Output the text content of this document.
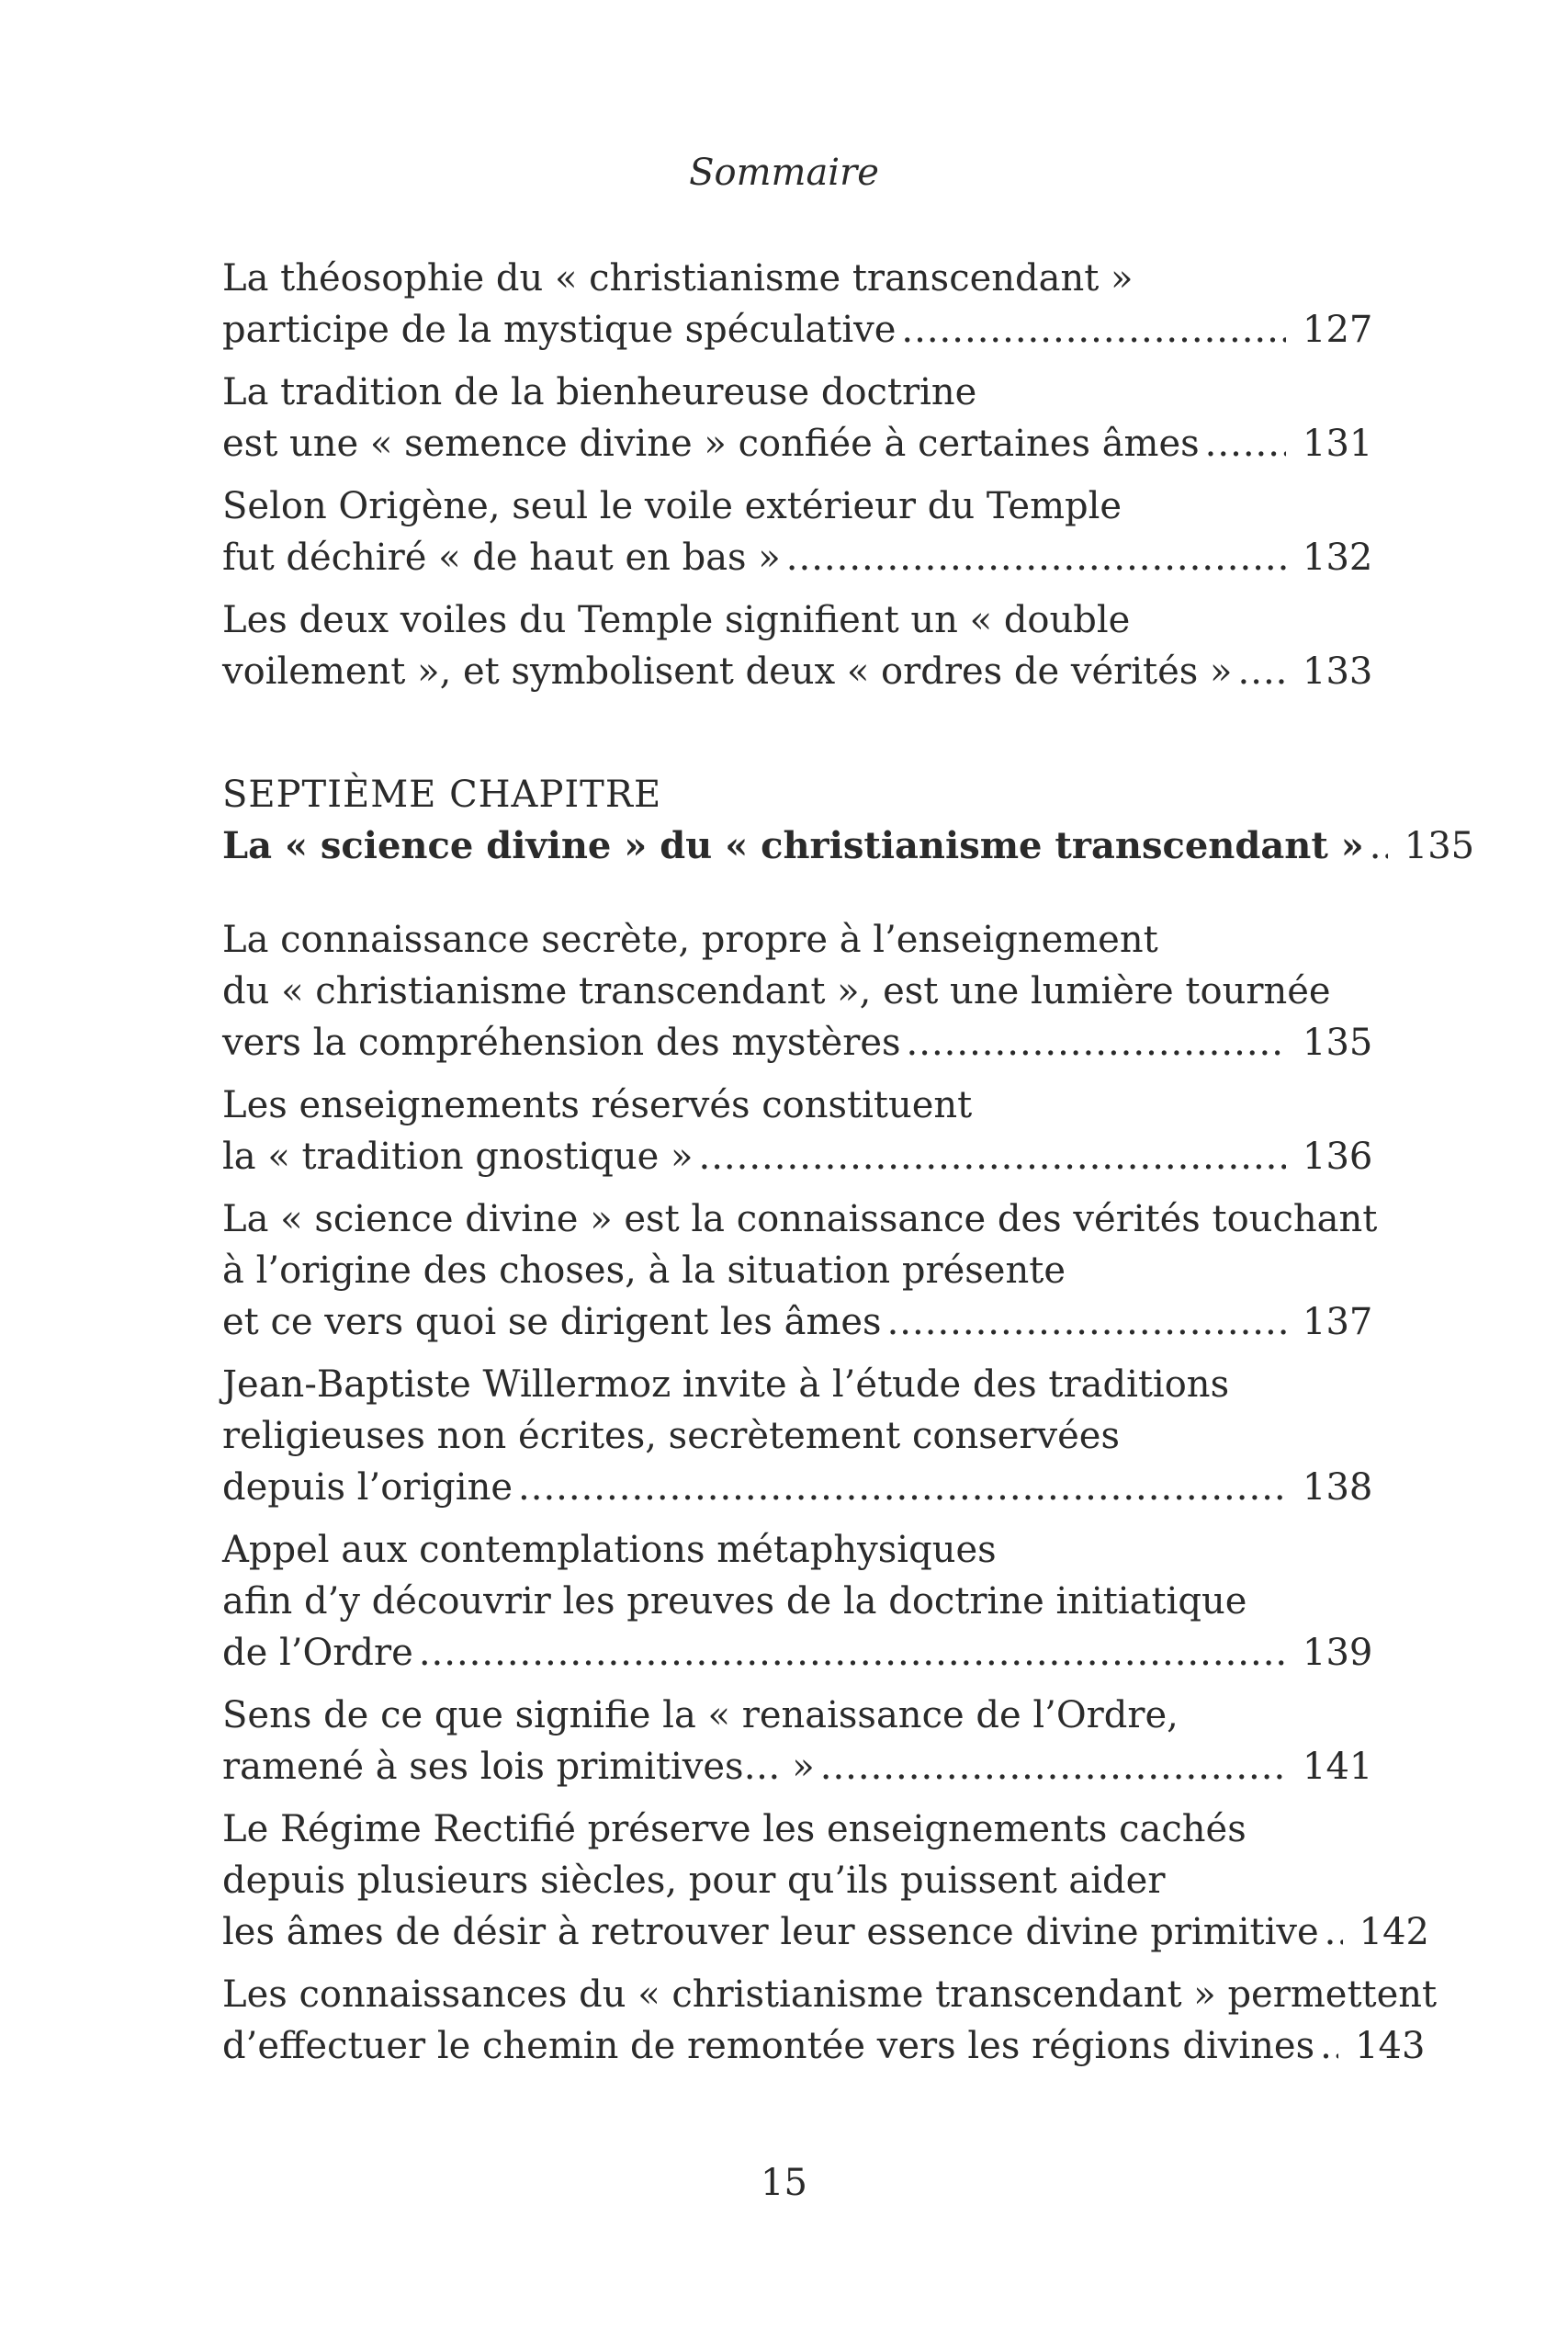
Sommaire
La théosophie du « christianisme transcendant »
participe de la mystique spéculative .....	127
La tradition de la bienheureuse doctrine
est une « semence divine » confiée à certaines âmes .....	131
Selon Origène, seul le voile extérieur du Temple
fut déchiré « de haut en bas » .....	132
Les deux voiles du Temple signifient un « double
voilement », et symbolisent deux « ordres de vérités » ..... 133
SEPTIÈME CHAPITRE
La « science divine » du « christianisme transcendant » ..... 135
La connaissance secrète, propre à l’enseignement
du « christianisme transcendant », est une lumière tournée
vers la compréhension des mystères .....	135
Les enseignements réservés constituent
la « tradition gnostique » .....	136
La « science divine » est la connaissance des vérités touchant
à l’origine des choses, à la situation présente
et ce vers quoi se dirigent les âmes .....	137
Jean-Baptiste Willermoz invite à l’étude des traditions
religieuses non écrites, secrètement conservées
depuis l’origine .....	138
Appel aux contemplations métaphysiques
afin d’y découvrir les preuves de la doctrine initiatique
de l’Ordre .....	139
Sens de ce que signifie la « renaissance de l’Ordre,
ramené à ses lois primitives… » .....	141
Le Régime Rectifié préserve les enseignements cachés
depuis plusieurs siècles, pour qu’ils puissent aider
les âmes de désir à retrouver leur essence divine primitive ..... 142
Les connaissances du « christianisme transcendant » permettent
d’effectuer le chemin de remontée vers les régions divines ..... 143
15
